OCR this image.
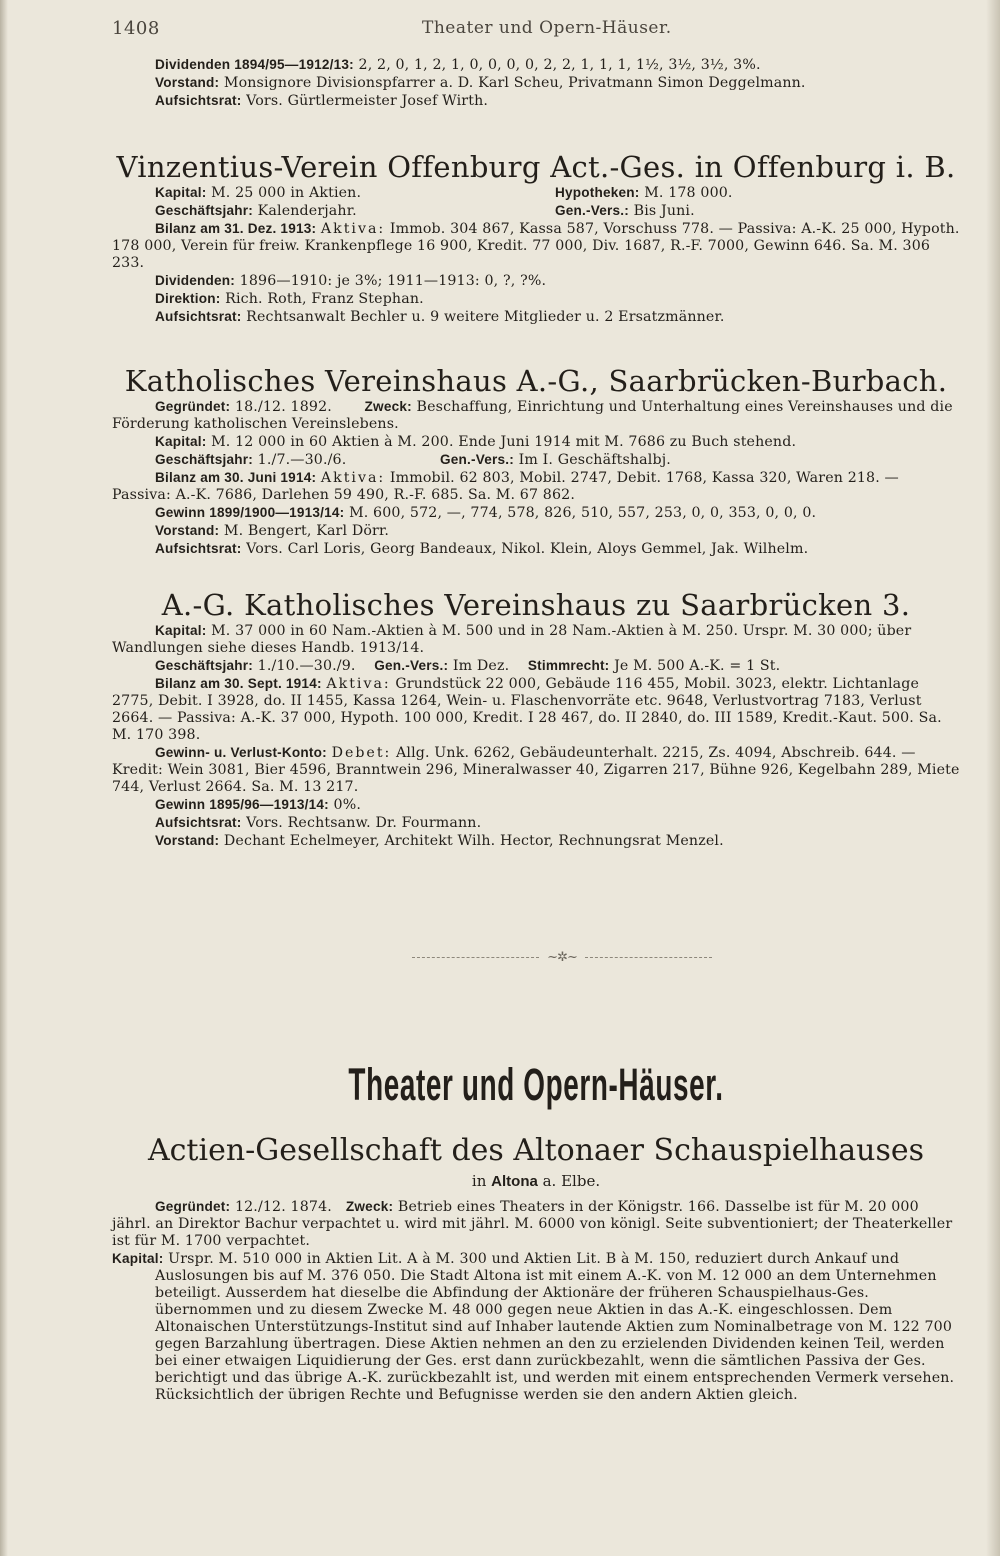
1408	Theater und Opern-Häuser.

Dividenden 1894/95—1912/13: 2, 2, 0, 1, 2, 1, 0, 0, 0, 0, 2, 2, 1, 1, 1, 1½, 3½, 3½, 3%.

Vorstand: Monsignore Divisionspfarrer a. D. Karl Scheu, Privatmann Simon Deggelmann.

Aufsichtsrat: Vors. Gürtlermeister Josef Wirth.

Vinzentius-Verein Offenburg Act.-Ges. in Offenburg i. B.
Kapital: M. 25 000 in Aktien.	Hypotheken: M. 178 000.
Geschäftsjahr: Kalenderjahr.	Gen.-Vers.: Bis Juni.

Bilanz am 31. Dez. 1913: Aktiva: Immob. 304 867, Kassa 587, Vorschuss 778. — Passiva: A.-K. 25 000, Hypoth. 178 000, Verein für freiw. Krankenpflege 16 900, Kredit. 77 000, Div. 1687, R.-F. 7000, Gewinn 646. Sa. M. 306 233.

Dividenden: 1896—1910: je 3%; 1911—1913: 0, ?, ?%.

Direktion: Rich. Roth, Franz Stephan.

Aufsichtsrat: Rechtsanwalt Bechler u. 9 weitere Mitglieder u. 2 Ersatzmänner.

Katholisches Vereinshaus A.-G., Saarbrücken-Burbach.

Gegründet: 18./12. 1892. Zweck: Beschaffung, Einrichtung und Unterhaltung eines Vereinshauses und die Förderung katholischen Vereinslebens.

Kapital: M. 12 000 in 60 Aktien à M. 200. Ende Juni 1914 mit M. 7686 zu Buch stehend.

Geschäftsjahr: 1./7.—30./6.	Gen.-Vers.: Im I. Geschäftshalbj.

Bilanz am 30. Juni 1914: Aktiva: Immobil. 62 803, Mobil. 2747, Debit. 1768, Kassa 320, Waren 218. — Passiva: A.-K. 7686, Darlehen 59 490, R.-F. 685. Sa. M. 67 862.

Gewinn 1899/1900—1913/14: M. 600, 572, —, 774, 578, 826, 510, 557, 253, 0, 0, 353, 0, 0, 0.

Vorstand: M. Bengert, Karl Dörr.

Aufsichtsrat: Vors. Carl Loris, Georg Bandeaux, Nikol. Klein, Aloys Gemmel, Jak. Wilhelm.

A.-G. Katholisches Vereinshaus zu Saarbrücken 3.

Kapital: M. 37 000 in 60 Nam.-Aktien à M. 500 und in 28 Nam.-Aktien à M. 250. Urspr. M. 30 000; über Wandlungen siehe dieses Handb. 1913/14.

Geschäftsjahr: 1./10.—30./9. Gen.-Vers.: Im Dez. Stimmrecht: Je M. 500 A.-K. = 1 St.

Bilanz am 30. Sept. 1914: Aktiva: Grundstück 22 000, Gebäude 116 455, Mobil. 3023, elektr. Lichtanlage 2775, Debit. I 3928, do. II 1455, Kassa 1264, Wein- u. Flaschenvorräte etc. 9648, Verlustvortrag 7183, Verlust 2664. — Passiva: A.-K. 37 000, Hypoth. 100 000, Kredit. I 28 467, do. II 2840, do. III 1589, Kredit.-Kaut. 500. Sa. M. 170 398.

Gewinn- u. Verlust-Konto: Debet: Allg. Unk. 6262, Gebäudeunterhalt. 2215, Zs. 4094, Abschreib. 644. — Kredit: Wein 3081, Bier 4596, Branntwein 296, Mineralwasser 40, Zigarren 217, Bühne 926, Kegelbahn 289, Miete 744, Verlust 2664. Sa. M. 13 217.

Gewinn 1895/96—1913/14: 0%.

Aufsichtsrat: Vors. Rechtsanw. Dr. Fourmann.

Vorstand: Dechant Echelmeyer, Architekt Wilh. Hector, Rechnungsrat Menzel.

~✲~
Theater und Opern-Häuser.
Actien-Gesellschaft des Altonaer Schauspielhauses
in Altona a. Elbe.

Gegründet: 12./12. 1874. Zweck: Betrieb eines Theaters in der Königstr. 166. Dasselbe ist für M. 20 000 jährl. an Direktor Bachur verpachtet u. wird mit jährl. M. 6000 von königl. Seite subventioniert; der Theaterkeller ist für M. 1700 verpachtet.

Kapital: Urspr. M. 510 000 in Aktien Lit. A à M. 300 und Aktien Lit. B à M. 150, reduziert durch Ankauf und Auslosungen bis auf M. 376 050. Die Stadt Altona ist mit einem A.-K. von M. 12 000 an dem Unternehmen beteiligt. Ausserdem hat dieselbe die Abfindung der Aktionäre der früheren Schauspielhaus-Ges. übernommen und zu diesem Zwecke M. 48 000 gegen neue Aktien in das A.-K. eingeschlossen. Dem Altonaischen Unterstützungs-Institut sind auf Inhaber lautende Aktien zum Nominalbetrage von M. 122 700 gegen Barzahlung übertragen. Diese Aktien nehmen an den zu erzielenden Dividenden keinen Teil, werden bei einer etwaigen Liquidierung der Ges. erst dann zurückbezahlt, wenn die sämtlichen Passiva der Ges. berichtigt und das übrige A.-K. zurückbezahlt ist, und werden mit einem entsprechenden Vermerk versehen. Rücksichtlich der übrigen Rechte und Befugnisse werden sie den andern Aktien gleich.
